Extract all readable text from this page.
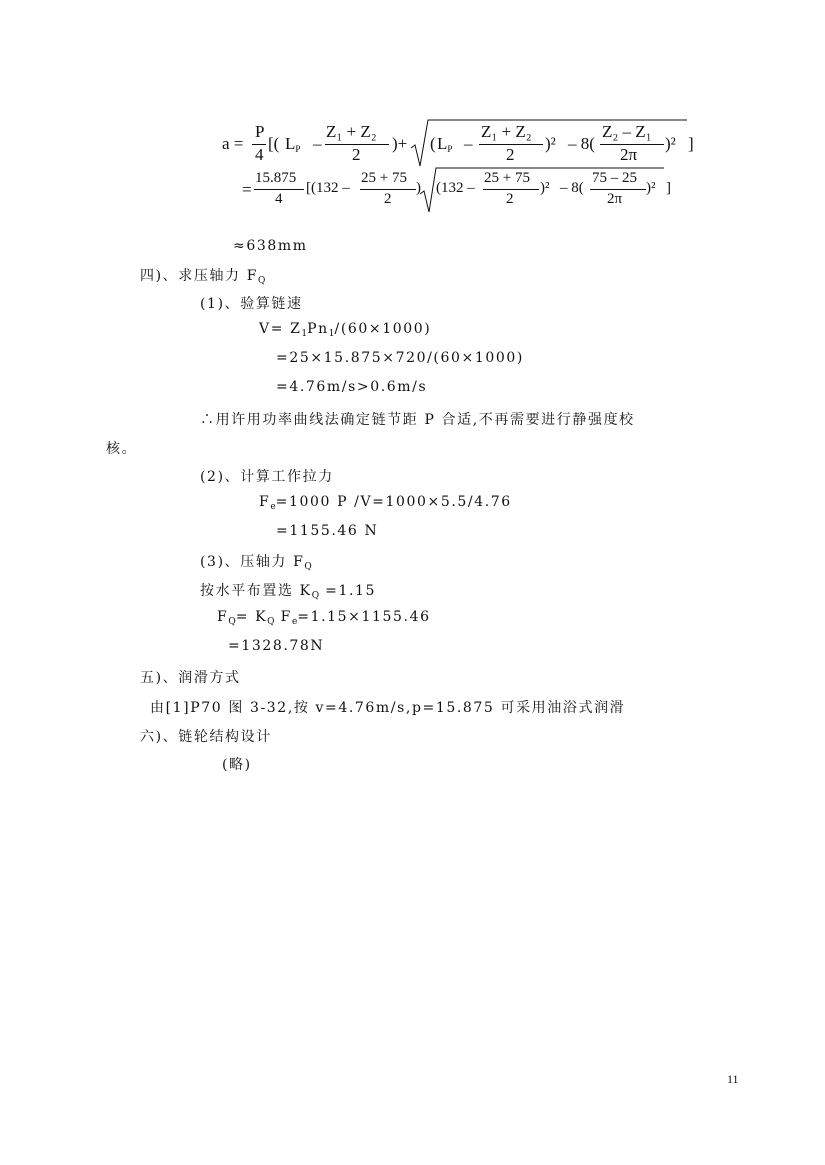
a =
P
4
[( LP –
Z₁ + Z₂
2
)+ ( LP –
Z₁ + Z₂
2
)² – 8(
Z₂ – Z₁
2π
)² ]
=
15.875
4
[(132 –
25 + 75
2
) (132 –
25 + 75
2
)² – 8(
75 – 25
2π
)² ]
≈638mm
四)、求压轴力 $F_Q$
(1)、验算链速
$V= Z_1Pn_1/(60\times 1000)$
=25×15.875×720/(60×1000)
=4.76m/s>0.6m/s
∴用许用功率曲线法确定链节距 P 合适,不再需要进行静强度校
核。
(2)、计算工作拉力
$F_e=1000$ P /V=1000×5.5/4.76
=1155.46 N
(3)、压轴力 $F_Q$
按水平布置选 $K_Q =1.15$
$F_Q= K_Q$ $F_e=1.15\times 1155.46$
=1328.78N
五)、润滑方式
由[1]P70 图 3-32,按 v=4.76m/s,p=15.875 可采用油浴式润滑
六)、链轮结构设计
(略)
11
